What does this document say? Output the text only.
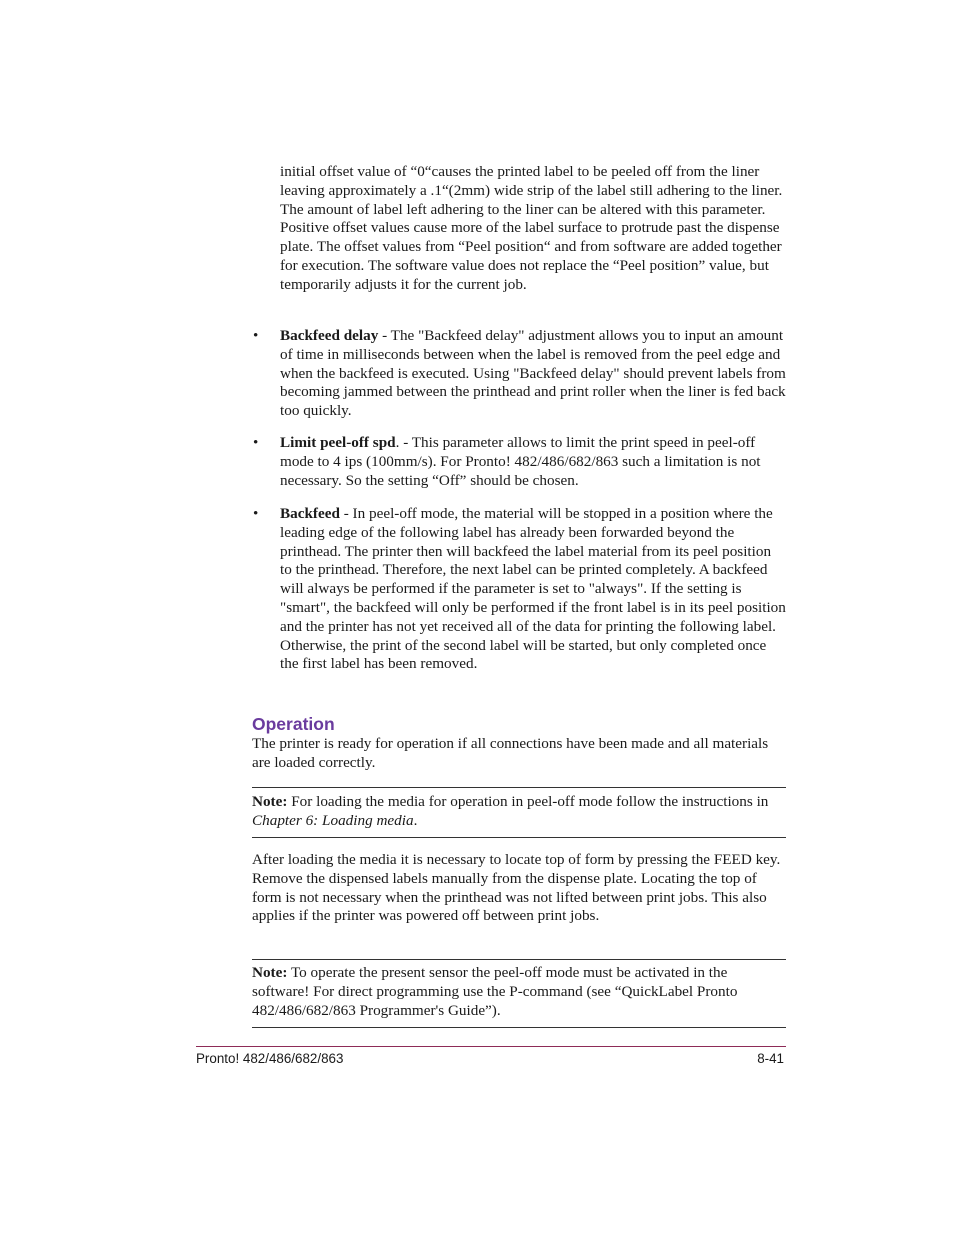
initial offset value of “0“causes the printed label to be peeled off from the liner leaving approximately a .1“(2mm) wide strip of the label still adhering to the liner. The amount of label left adhering to the liner can be altered with this parameter. Positive offset values cause more of the label surface to protrude past the dispense plate. The offset values from “Peel position“ and from software are added together for execution. The software value does not replace the “Peel position” value, but temporarily adjusts it for the current job.

• Backfeed delay - The "Backfeed delay" adjustment allows you to input an amount of time in milliseconds between when the label is removed from the peel edge and when the backfeed is executed. Using "Backfeed delay" should prevent labels from becoming jammed between the printhead and print roller when the liner is fed back too quickly.

• Limit peel-off spd. - This parameter allows to limit the print speed in peel-off mode to 4 ips (100mm/s). For Pronto! 482/486/682/863 such a limitation is not necessary. So the setting “Off” should be chosen.

• Backfeed - In peel-off mode, the material will be stopped in a position where the leading edge of the following label has already been forwarded beyond the printhead. The printer then will backfeed the label material from its peel position to the printhead. Therefore, the next label can be printed completely. A backfeed will always be performed if the parameter is set to "always". If the setting is "smart", the backfeed will only be performed if the front label is in its peel position and the printer has not yet received all of the data for printing the following label. Otherwise, the print of the second label will be started, but only completed once the first label has been removed.

Operation

The printer is ready for operation if all connections have been made and all materials are loaded correctly.

Note: For loading the media for operation in peel-off mode follow the instructions in Chapter 6: Loading media.

After loading the media it is necessary to locate top of form by pressing the FEED key. Remove the dispensed labels manually from the dispense plate. Locating the top of form is not necessary when the printhead was not lifted between print jobs. This also applies if the printer was powered off between print jobs.

Note: To operate the present sensor the peel-off mode must be activated in the software! For direct programming use the P-command (see “QuickLabel Pronto 482/486/682/863 Programmer's Guide”).

Pronto! 482/486/682/863	8-41
